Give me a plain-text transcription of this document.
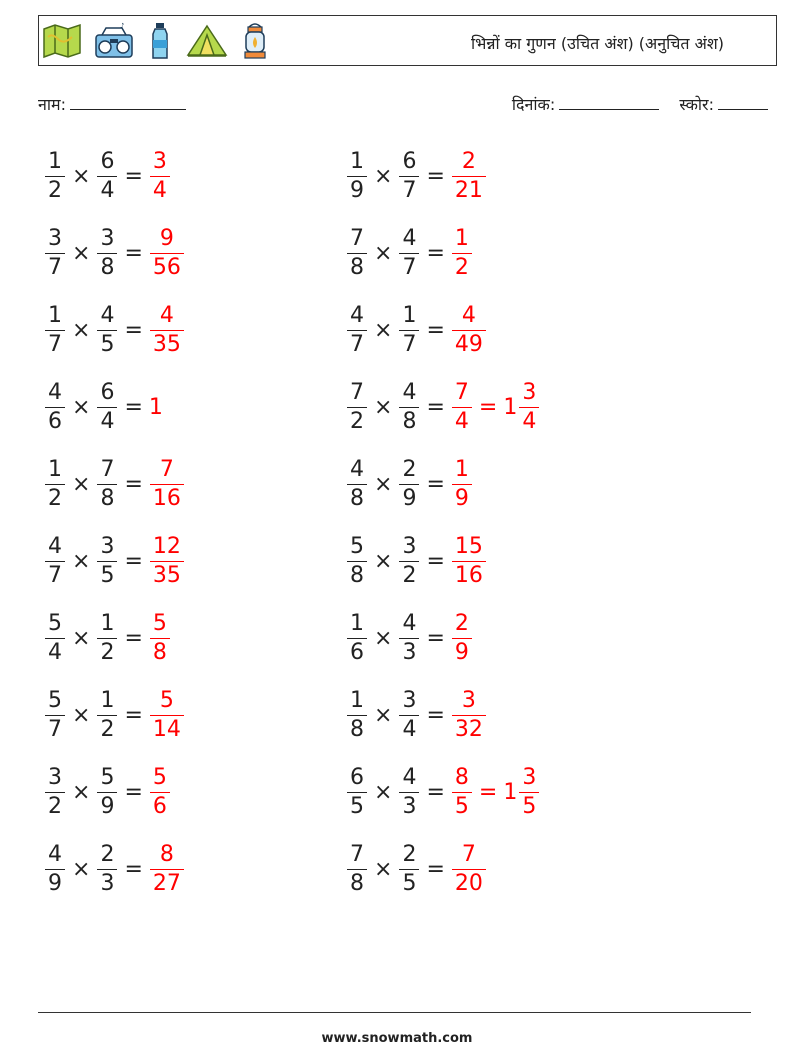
♪
भिन्नों का गुणन (उचित अंश) (अनुचित अंश)
नाम:	दिनांक:	स्कोर:
$\frac{1}{2} \times \frac{6}{4} = \frac{3}{4}$
$\frac{3}{7} \times \frac{3}{8} = \frac{9}{56}$
$\frac{1}{7} \times \frac{4}{5} = \frac{4}{35}$
$\frac{4}{6} \times \frac{6}{4} = 1$
$\frac{1}{2} \times \frac{7}{8} = \frac{7}{16}$
$\frac{4}{7} \times \frac{3}{5} = \frac{12}{35}$
$\frac{5}{4} \times \frac{1}{2} = \frac{5}{8}$
$\frac{5}{7} \times \frac{1}{2} = \frac{5}{14}$
$\frac{3}{2} \times \frac{5}{9} = \frac{5}{6}$
$\frac{4}{9} \times \frac{2}{3} = \frac{8}{27}$
$\frac{1}{9} \times \frac{6}{7} = \frac{2}{21}$
$\frac{7}{8} \times \frac{4}{7} = \frac{1}{2}$
$\frac{4}{7} \times \frac{1}{7} = \frac{4}{49}$
$\frac{7}{2} \times \frac{4}{8} = \frac{7}{4} = 1 \frac{3}{4}$
$\frac{4}{8} \times \frac{2}{9} = \frac{1}{9}$
$\frac{5}{8} \times \frac{3}{2} = \frac{15}{16}$
$\frac{1}{6} \times \frac{4}{3} = \frac{2}{9}$
$\frac{1}{8} \times \frac{3}{4} = \frac{3}{32}$
$\frac{6}{5} \times \frac{4}{3} = \frac{8}{5} = 1 \frac{3}{5}$
$\frac{7}{8} \times \frac{2}{5} = \frac{7}{20}$
www.snowmath.com
